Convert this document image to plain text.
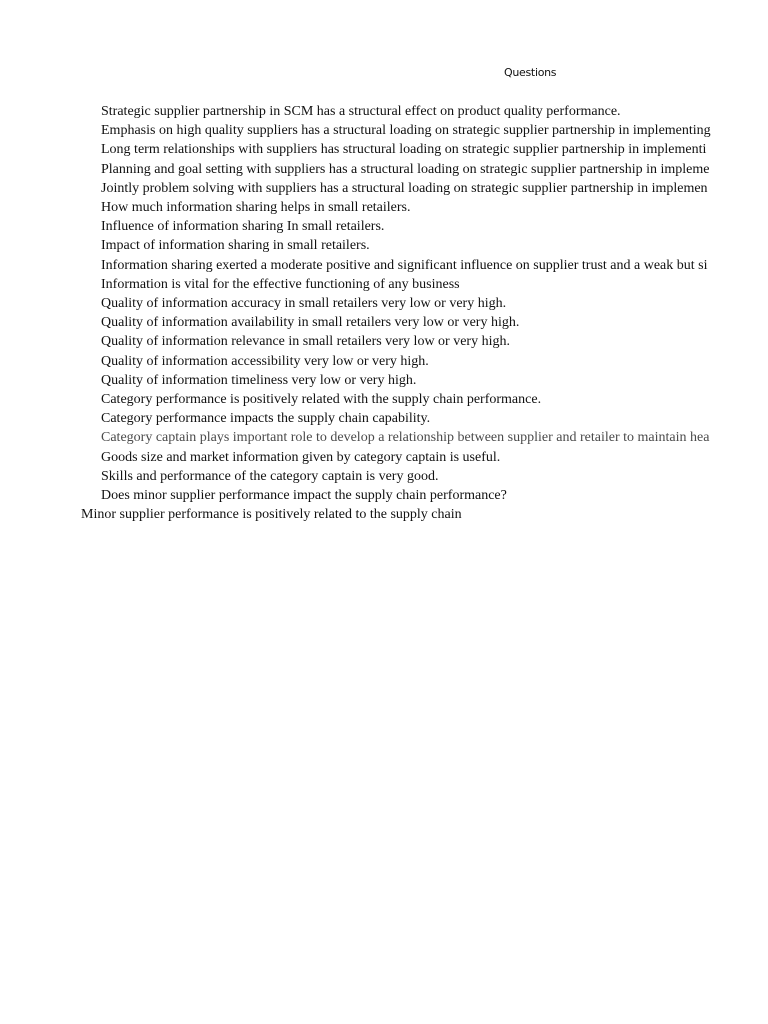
Questions
Strategic supplier partnership in SCM has a structural effect on product quality performance.
Emphasis on high quality suppliers has a structural loading on strategic supplier partnership in implementing
Long term relationships with suppliers has structural loading on strategic supplier partnership in implementi
Planning and goal setting with suppliers has a structural loading on strategic supplier partnership in impleme
Jointly problem solving with suppliers has a structural loading on strategic supplier partnership in implemen
How much information sharing helps in small retailers.
Influence of information sharing In small retailers.
Impact of information sharing in small retailers.
Information sharing exerted a moderate positive and significant influence on supplier trust and a weak but si
Information is vital for the effective functioning of any business
Quality of information accuracy in small retailers very low or very high.
Quality of information availability in small retailers very low or very high.
Quality of information relevance in small retailers very low or very high.
Quality of information accessibility very low or very high.
Quality of information timeliness very low or very high.
Category performance is positively related with the supply chain performance.
Category performance impacts the supply chain capability.
Category captain plays important role to develop a relationship between supplier and retailer to maintain hea
Goods size and market information given by category captain is useful.
Skills and performance of the category captain is very good.
Does minor supplier performance impact the supply chain performance?
Minor supplier performance is positively related to the supply chain
